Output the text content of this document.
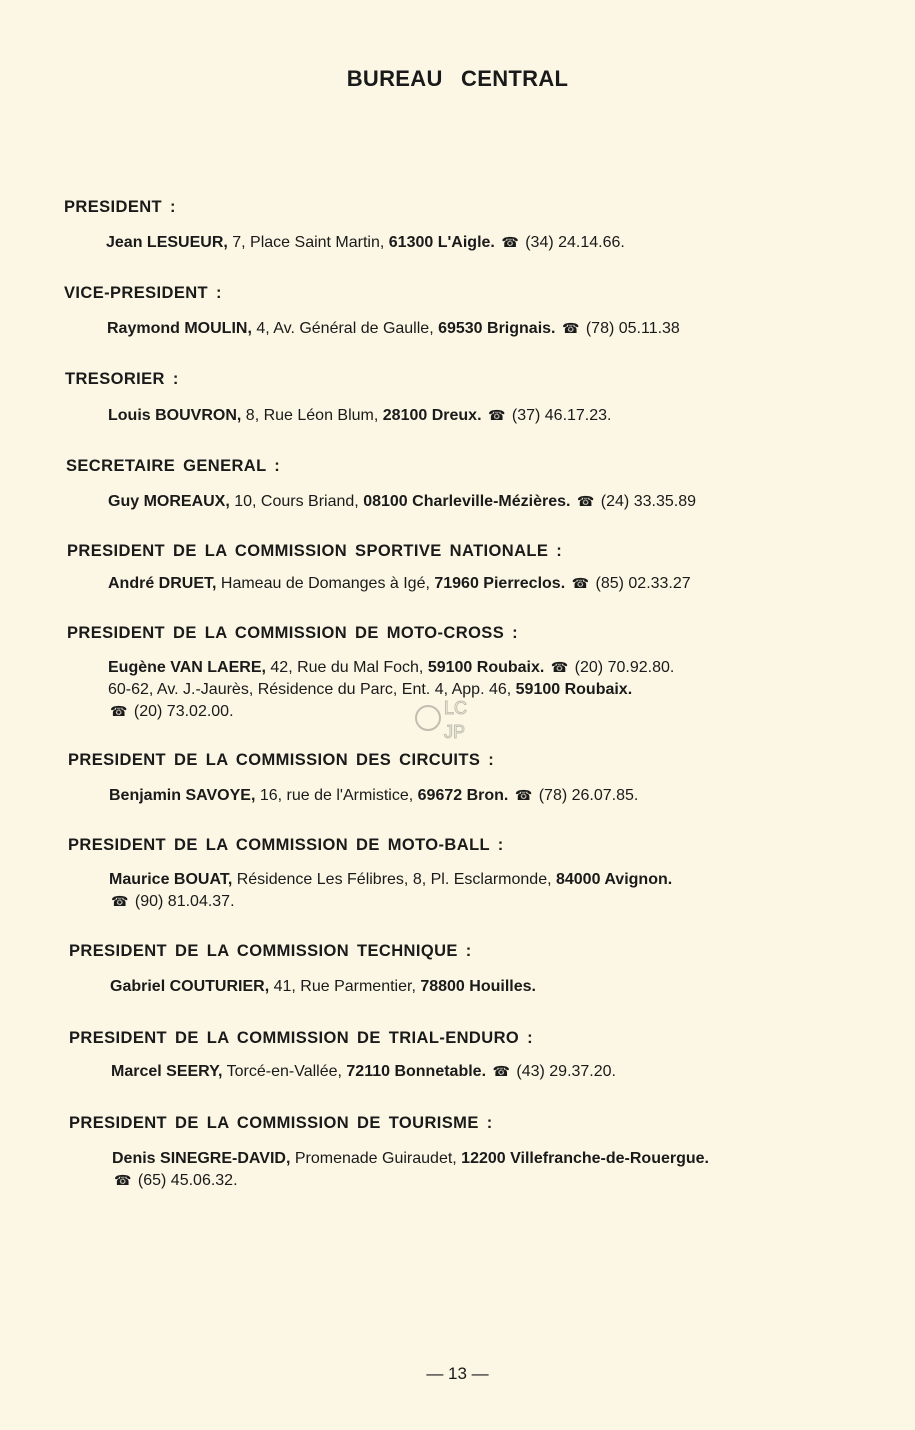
BUREAU CENTRAL
PRESIDENT :
Jean LESUEUR, 7, Place Saint Martin, 61300 L'Aigle. ☎ (34) 24.14.66.
VICE-PRESIDENT :
Raymond MOULIN, 4, Av. Général de Gaulle, 69530 Brignais. ☎ (78) 05.11.38
TRESORIER :
Louis BOUVRON, 8, Rue Léon Blum, 28100 Dreux. ☎ (37) 46.17.23.
SECRETAIRE GENERAL :
Guy MOREAUX, 10, Cours Briand, 08100 Charleville-Mézières. ☎ (24) 33.35.89
PRESIDENT DE LA COMMISSION SPORTIVE NATIONALE :
André DRUET, Hameau de Domanges à Igé, 71960 Pierreclos. ☎ (85) 02.33.27
PRESIDENT DE LA COMMISSION DE MOTO-CROSS :
Eugène VAN LAERE, 42, Rue du Mal Foch, 59100 Roubaix. ☎ (20) 70.92.80.
60-62, Av. J.-Jaurès, Résidence du Parc, Ent. 4, App. 46, 59100 Roubaix.
☎ (20) 73.02.00.	LC
JP
PRESIDENT DE LA COMMISSION DES CIRCUITS :
Benjamin SAVOYE, 16, rue de l'Armistice, 69672 Bron. ☎ (78) 26.07.85.
PRESIDENT DE LA COMMISSION DE MOTO-BALL :
Maurice BOUAT, Résidence Les Félibres, 8, Pl. Esclarmonde, 84000 Avignon.
☎ (90) 81.04.37.
PRESIDENT DE LA COMMISSION TECHNIQUE :
Gabriel COUTURIER, 41, Rue Parmentier, 78800 Houilles.
PRESIDENT DE LA COMMISSION DE TRIAL-ENDURO :
Marcel SEERY, Torcé-en-Vallée, 72110 Bonnetable. ☎ (43) 29.37.20.
PRESIDENT DE LA COMMISSION DE TOURISME :
Denis SINEGRE-DAVID, Promenade Guiraudet, 12200 Villefranche-de-Rouergue.
☎ (65) 45.06.32.
— 13 —
